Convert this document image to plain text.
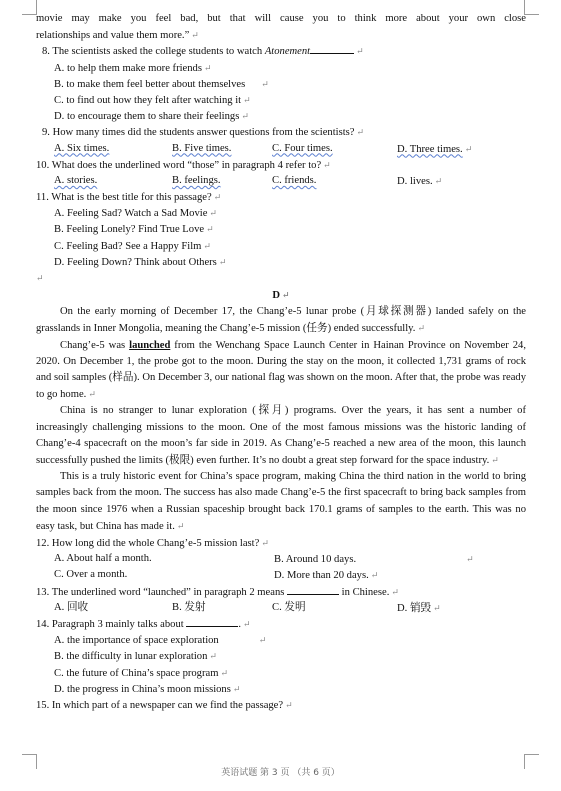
movie may make you feel bad, but that will cause you to think more about your own close
relationships and value them more.” ↵
8. The scientists asked the college students to watch Atonement	↵
A. to help them make more friends ↵
B. to make them feel better about themselves ↵
C. to find out how they felt after watching it ↵
D. to encourage them to share their feelings ↵
9. How many times did the students answer questions from the scientists? ↵
A. Six times.	B. Five times.	C. Four times.	D. Three times. ↵
10. What does the underlined word “those” in paragraph 4 refer to? ↵
A. stories.	B. feelings.	C. friends.	D. lives. ↵
11. What is the best title for this passage? ↵
A. Feeling Sad? Watch a Sad Movie ↵
B. Feeling Lonely? Find True Love ↵
C. Feeling Bad? See a Happy Film ↵
D. Feeling Down? Think about Others ↵
↵
D ↵

On the early morning of December 17, the Chang’e-5 lunar probe (月球探测器) landed safely on the grasslands in Inner Mongolia, meaning the Chang’e-5 mission (任务) ended successfully. ↵

Chang’e-5 was launched from the Wenchang Space Launch Center in Hainan Province on November 24, 2020. On December 1, the probe got to the moon. During the stay on the moon, it collected 1,731 grams of rock and soil samples (样品). On December 3, our national flag was shown on the moon. After that, the probe was ready to go home. ↵

China is no stranger to lunar exploration (探月) programs. Over the years, it has sent a number of increasingly challenging missions to the moon. One of the most famous missions was the historic landing of Chang’e-4 spacecraft on the moon’s far side in 2019. As Chang’e-5 reached a new area of the moon, this launch successfully pushed the limits (极限) even further. It’s no doubt a great step forward for the space industry. ↵

This is a truly historic event for China’s space program, making China the third nation in the world to bring samples back from the moon. The success has also made Chang’e-5 the first spacecraft to bring back samples from the moon since 1976 when a Russian spaceship brought back 170.1 grams of samples to the earth. This was no easy task, but China has made it. ↵

12. How long did the whole Chang’e-5 mission last? ↵
A. About half a month.	B. Around 10 days.	↵
C. Over a month.	D. More than 20 days. ↵
13. The underlined word “launched” in paragraph 2 means	in Chinese. ↵
A. 回收	B. 发射	C. 发明	D. 销毁 ↵
14. Paragraph 3 mainly talks about	. ↵
A. the importance of space exploration	↵
B. the difficulty in lunar exploration ↵
C. the future of China’s space program ↵
D. the progress in China’s moon missions ↵
15. In which part of a newspaper can we find the passage? ↵
英语试题 第 3 页 （共 6 页）
